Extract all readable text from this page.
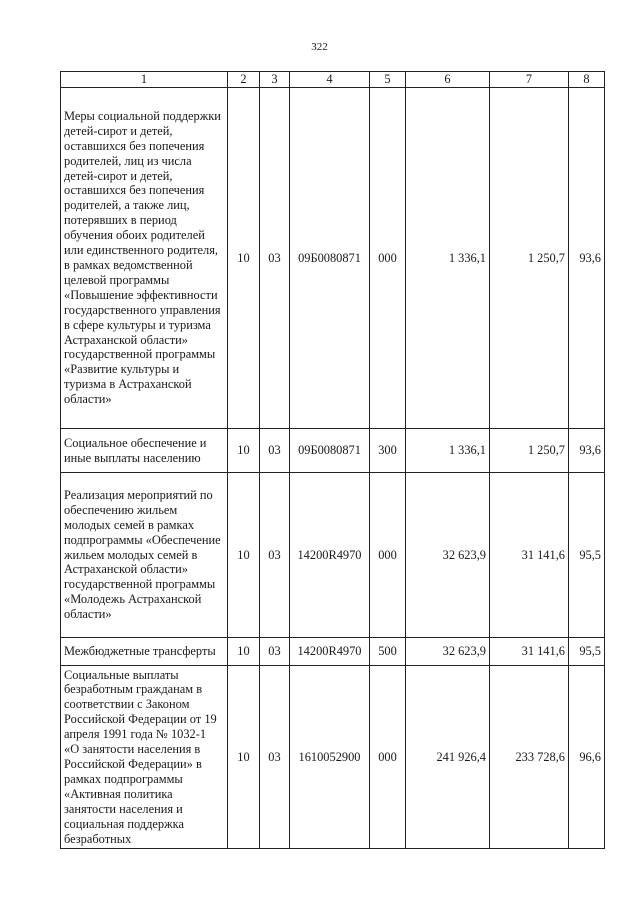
322
1	2	3	4	5	6	7	8
Меры социальной поддержки детей-сирот и детей, оставшихся без попечения родителей, лиц из числа детей-сирот и детей, оставшихся без попечения родителей, а также лиц, потерявших в период обучения обоих родителей или единственного родителя, в рамках ведомственной целевой программы «Повышение эффективности государственного управления в сфере культуры и туризма Астраханской области» государственной программы «Развитие культуры и туризма в Астраханской области»	10	03	09Б0080871	000	1 336,1	1 250,7	93,6
Социальное обеспечение и иные выплаты населению	10	03	09Б0080871	300	1 336,1	1 250,7	93,6
Реализация мероприятий по обеспечению жильем молодых семей в рамках подпрограммы «Обеспечение жильем молодых семей в Астраханской области» государственной программы «Молодежь Астраханской области»	10	03	14200R4970	000	32 623,9	31 141,6	95,5
Межбюджетные трансферты	10	03	14200R4970	500	32 623,9	31 141,6	95,5
Социальные выплаты безработным гражданам в соответствии с Законом Российской Федерации от 19 апреля 1991 года № 1032-1 «О занятости населения в Российской Федерации» в рамках подпрограммы «Активная политика занятости населения и социальная поддержка безработных	10	03	1610052900	000	241 926,4	233 728,6	96,6
